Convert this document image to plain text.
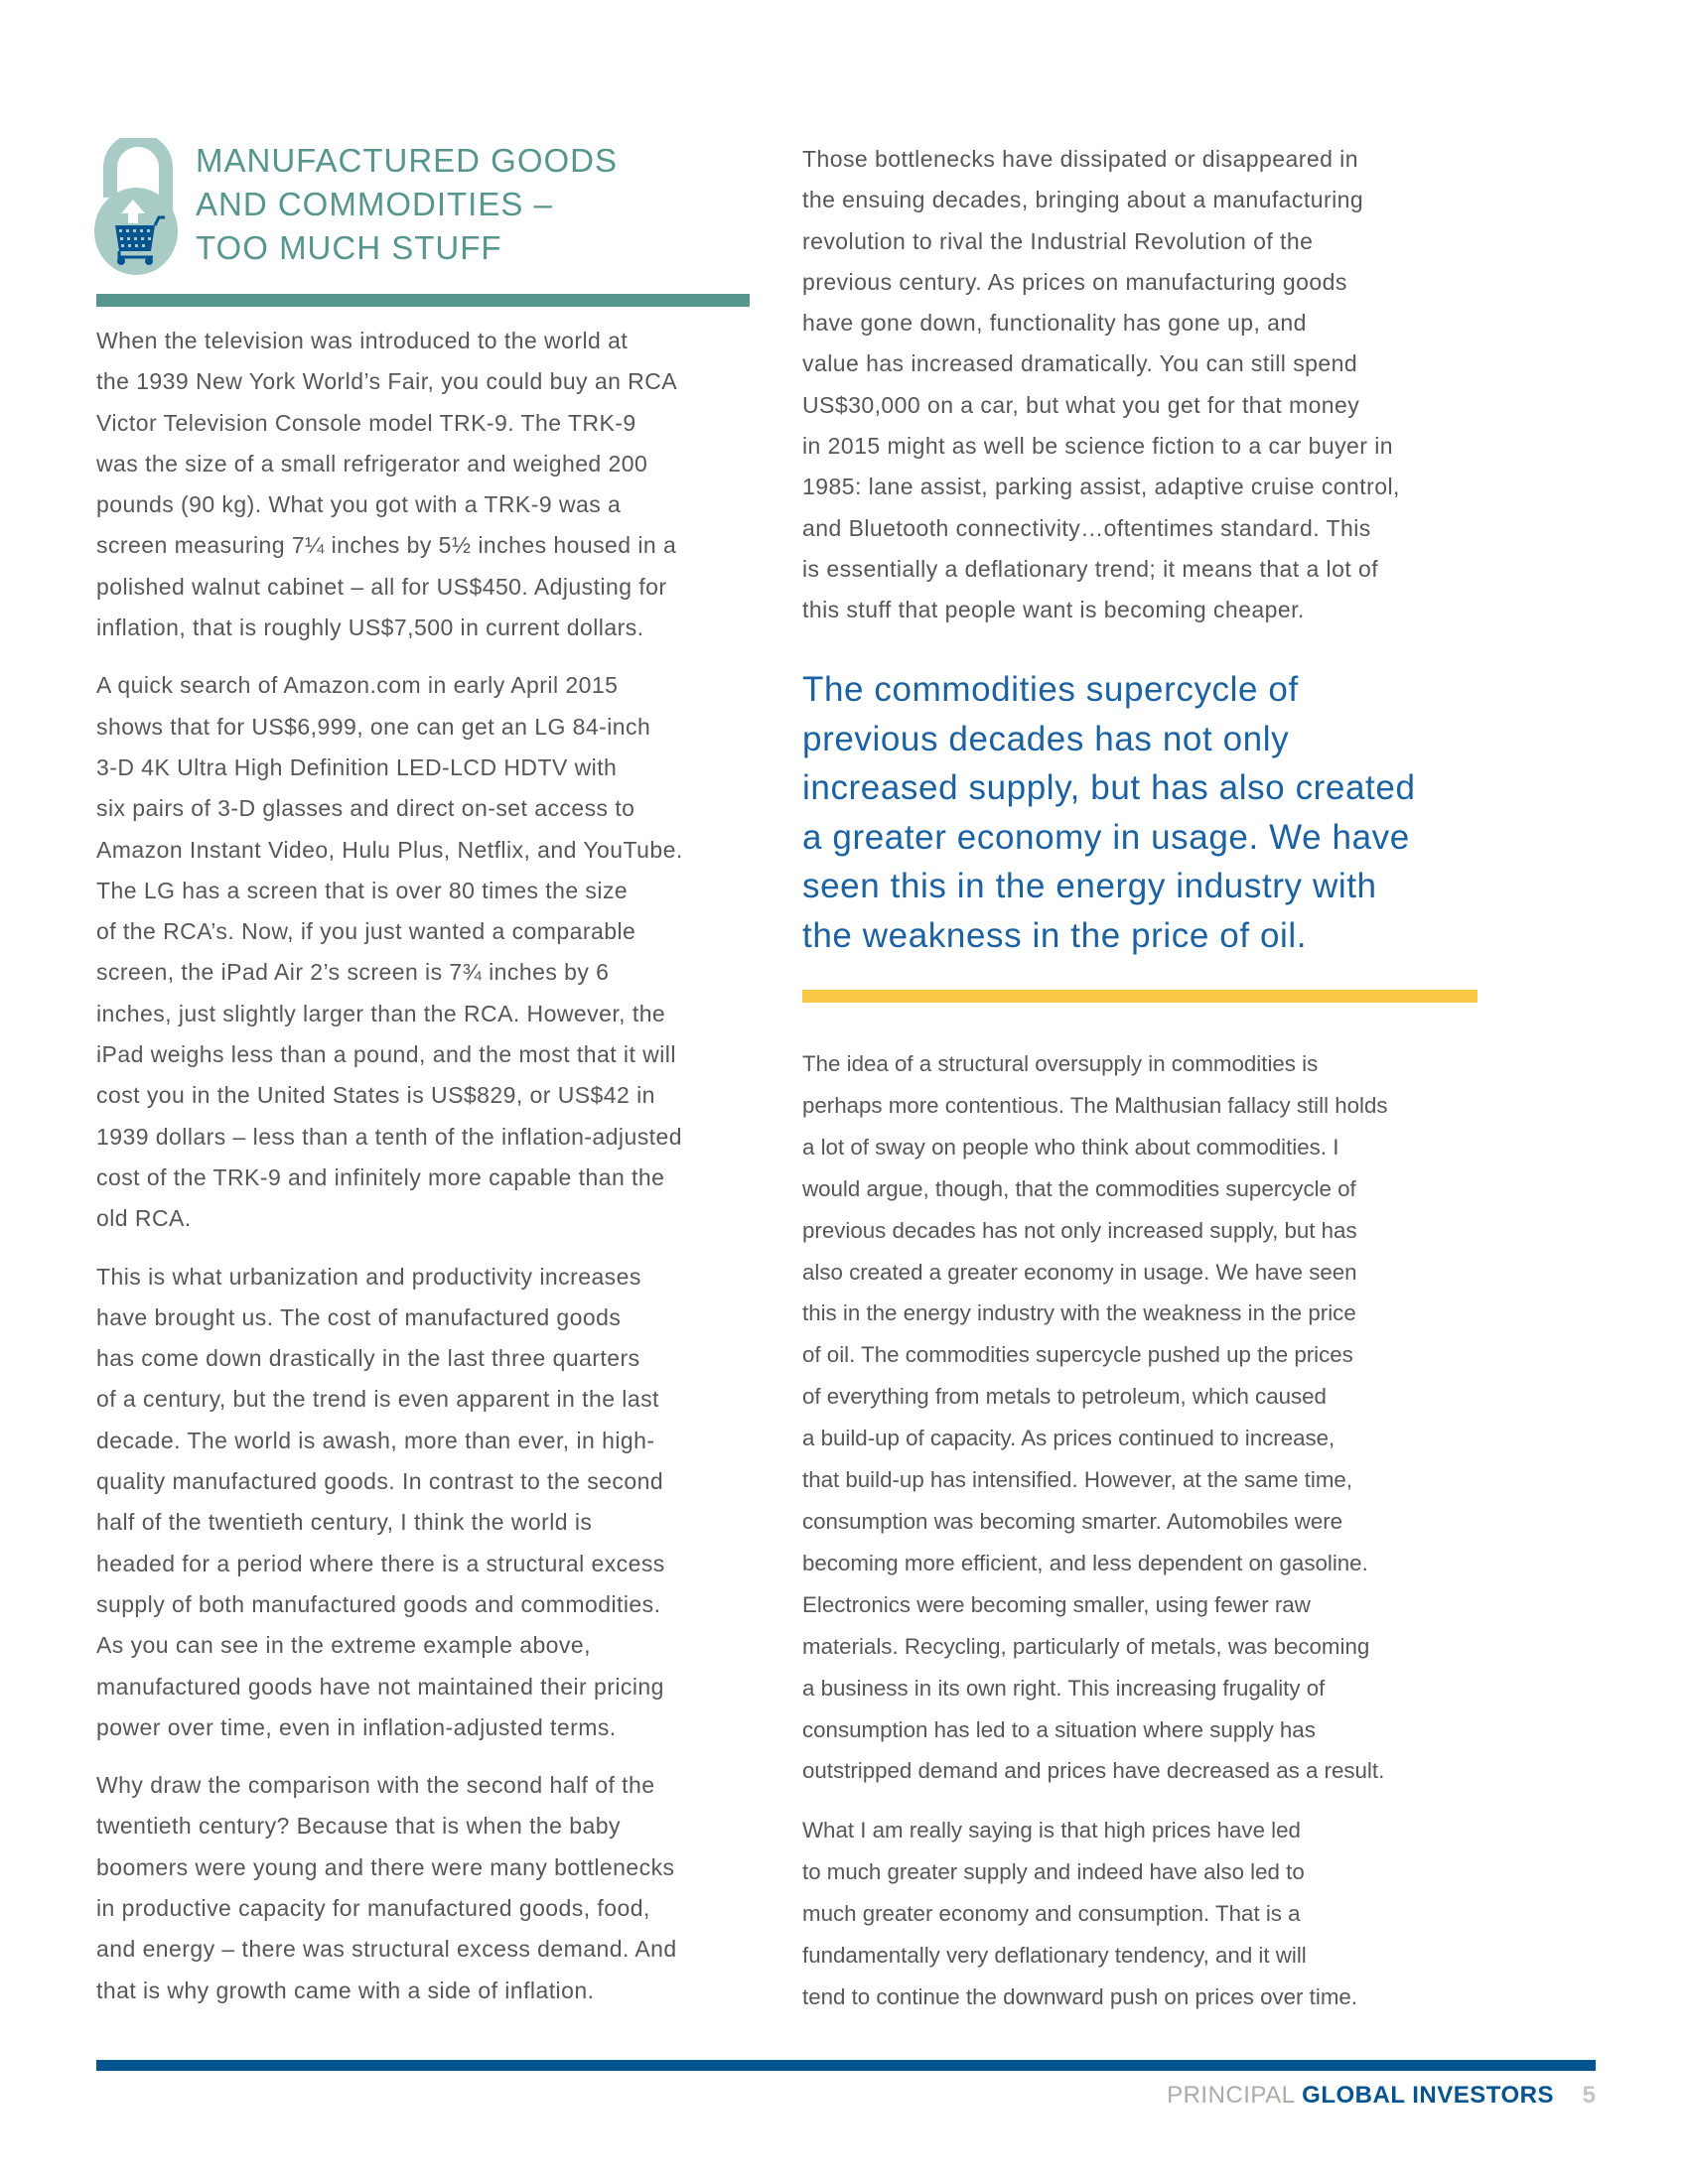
MANUFACTURED GOODS
AND COMMODITIES –
TOO MUCH STUFF
When the television was introduced to the world at
the 1939 New York World’s Fair, you could buy an RCA
Victor Television Console model TRK-9. The TRK-9
was the size of a small refrigerator and weighed 200
pounds (90 kg). What you got with a TRK-9 was a
screen measuring 7¼ inches by 5½ inches housed in a
polished walnut cabinet – all for US$450. Adjusting for
inflation, that is roughly US$7,500 in current dollars.
A quick search of Amazon.com in early April 2015
shows that for US$6,999, one can get an LG 84-inch
3-D 4K Ultra High Definition LED-LCD HDTV with
six pairs of 3-D glasses and direct on-set access to
Amazon Instant Video, Hulu Plus, Netflix, and YouTube.
The LG has a screen that is over 80 times the size
of the RCA’s. Now, if you just wanted a comparable
screen, the iPad Air 2’s screen is 7¾ inches by 6
inches, just slightly larger than the RCA. However, the
iPad weighs less than a pound, and the most that it will
cost you in the United States is US$829, or US$42 in
1939 dollars – less than a tenth of the inflation-adjusted
cost of the TRK-9 and infinitely more capable than the
old RCA.
This is what urbanization and productivity increases
have brought us. The cost of manufactured goods
has come down drastically in the last three quarters
of a century, but the trend is even apparent in the last
decade. The world is awash, more than ever, in high-
quality manufactured goods. In contrast to the second
half of the twentieth century, I think the world is
headed for a period where there is a structural excess
supply of both manufactured goods and commodities.
As you can see in the extreme example above,
manufactured goods have not maintained their pricing
power over time, even in inflation-adjusted terms.
Why draw the comparison with the second half of the
twentieth century? Because that is when the baby
boomers were young and there were many bottlenecks
in productive capacity for manufactured goods, food,
and energy – there was structural excess demand. And
that is why growth came with a side of inflation.
Those bottlenecks have dissipated or disappeared in
the ensuing decades, bringing about a manufacturing
revolution to rival the Industrial Revolution of the
previous century. As prices on manufacturing goods
have gone down, functionality has gone up, and
value has increased dramatically. You can still spend
US$30,000 on a car, but what you get for that money
in 2015 might as well be science fiction to a car buyer in
1985: lane assist, parking assist, adaptive cruise control,
and Bluetooth connectivity…oftentimes standard. This
is essentially a deflationary trend; it means that a lot of
this stuff that people want is becoming cheaper.
The commodities supercycle of
previous decades has not only
increased supply, but has also created
a greater economy in usage. We have
seen this in the energy industry with
the weakness in the price of oil.
The idea of a structural oversupply in commodities is
perhaps more contentious. The Malthusian fallacy still holds
a lot of sway on people who think about commodities. I
would argue, though, that the commodities supercycle of
previous decades has not only increased supply, but has
also created a greater economy in usage. We have seen
this in the energy industry with the weakness in the price
of oil. The commodities supercycle pushed up the prices
of everything from metals to petroleum, which caused
a build-up of capacity. As prices continued to increase,
that build-up has intensified. However, at the same time,
consumption was becoming smarter. Automobiles were
becoming more efficient, and less dependent on gasoline.
Electronics were becoming smaller, using fewer raw
materials. Recycling, particularly of metals, was becoming
a business in its own right. This increasing frugality of
consumption has led to a situation where supply has
outstripped demand and prices have decreased as a result.
What I am really saying is that high prices have led
to much greater supply and indeed have also led to
much greater economy and consumption. That is a
fundamentally very deflationary tendency, and it will
tend to continue the downward push on prices over time.
PRINCIPAL GLOBAL INVESTORS 5
